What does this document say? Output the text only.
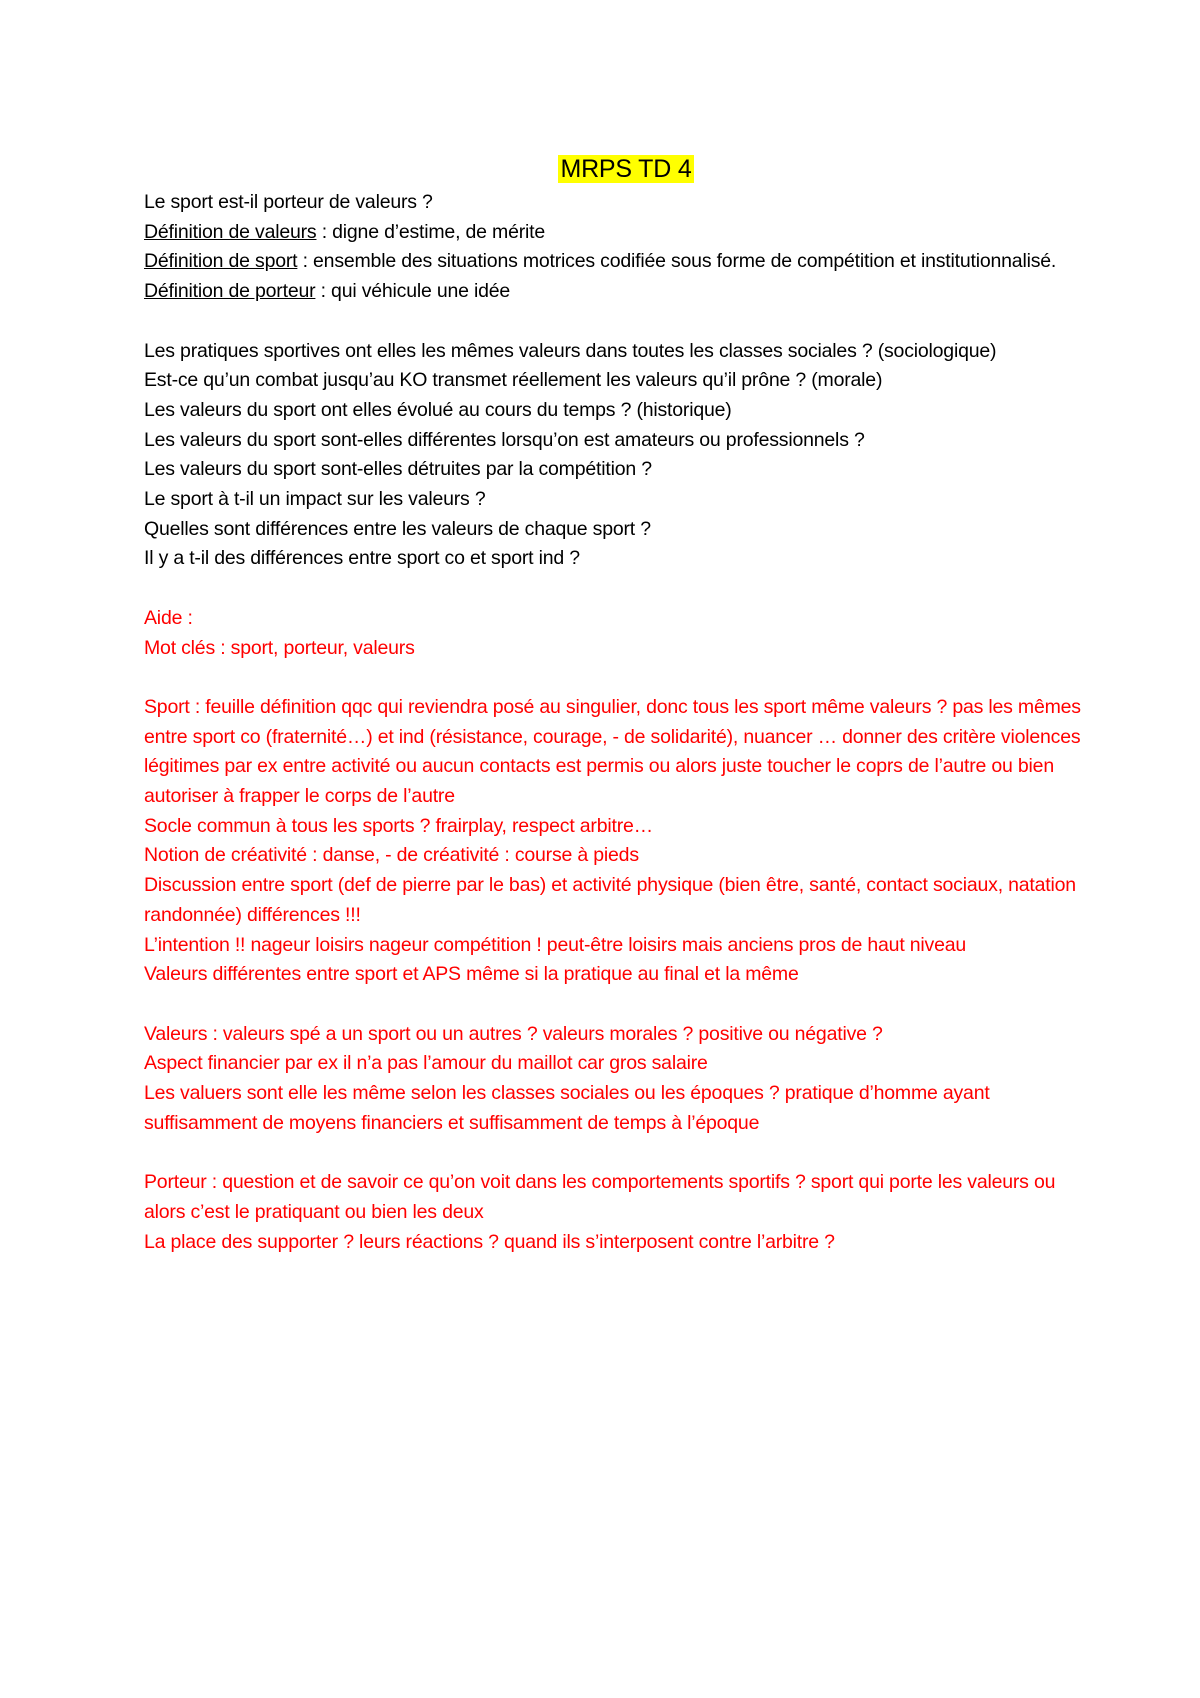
MRPS TD 4

Le sport est-il porteur de valeurs ?

Définition de valeurs : digne d’estime, de mérite

Définition de sport : ensemble des situations motrices codifiée sous forme de compétition et institutionnalisé.

Définition de porteur : qui véhicule une idée

Les pratiques sportives ont elles les mêmes valeurs dans toutes les classes sociales ? (sociologique)

Est-ce qu’un combat jusqu’au KO transmet réellement les valeurs qu’il prône ? (morale)

Les valeurs du sport ont elles évolué au cours du temps ? (historique)

Les valeurs du sport sont-elles différentes lorsqu’on est amateurs ou professionnels ?

Les valeurs du sport sont-elles détruites par la compétition ?

Le sport à t-il un impact sur les valeurs ?

Quelles sont différences entre les valeurs de chaque sport ?

Il y a t-il des différences entre sport co et sport ind ?

Aide :

Mot clés : sport, porteur, valeurs

Sport : feuille définition qqc qui reviendra posé au singulier, donc tous les sport même valeurs ? pas les mêmes entre sport co (fraternité…) et ind (résistance, courage, - de solidarité), nuancer … donner des critère violences légitimes par ex entre activité ou aucun contacts est permis ou alors juste toucher le coprs de l’autre ou bien autoriser à frapper le corps de l’autre

Socle commun à tous les sports ? frairplay, respect arbitre…

Notion de créativité : danse, - de créativité : course à pieds

Discussion entre sport (def de pierre par le bas) et activité physique (bien être, santé, contact sociaux, natation randonnée) différences !!!

L’intention !! nageur loisirs nageur compétition ! peut-être loisirs mais anciens pros de haut niveau

Valeurs différentes entre sport et APS même si la pratique au final et la même

Valeurs : valeurs spé a un sport ou un autres ? valeurs morales ? positive ou négative ?

Aspect financier par ex il n’a pas l’amour du maillot car gros salaire

Les valuers sont elle les même selon les classes sociales ou les époques ? pratique d’homme ayant suffisamment de moyens financiers et suffisamment de temps à l’époque

Porteur : question et de savoir ce qu’on voit dans les comportements sportifs ? sport qui porte les valeurs ou alors c’est le pratiquant ou bien les deux

La place des supporter ? leurs réactions ? quand ils s’interposent contre l’arbitre ?
